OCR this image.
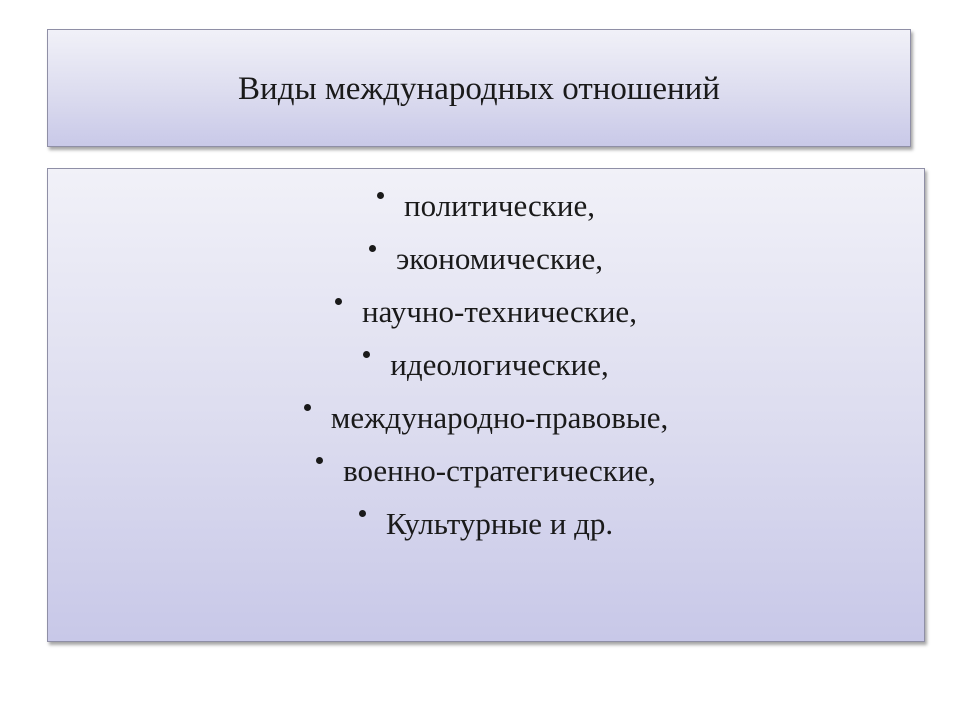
Виды международных отношений
политические,
экономические,
научно-технические,
идеологические,
международно-правовые,
военно-стратегические,
Культурные и др.
